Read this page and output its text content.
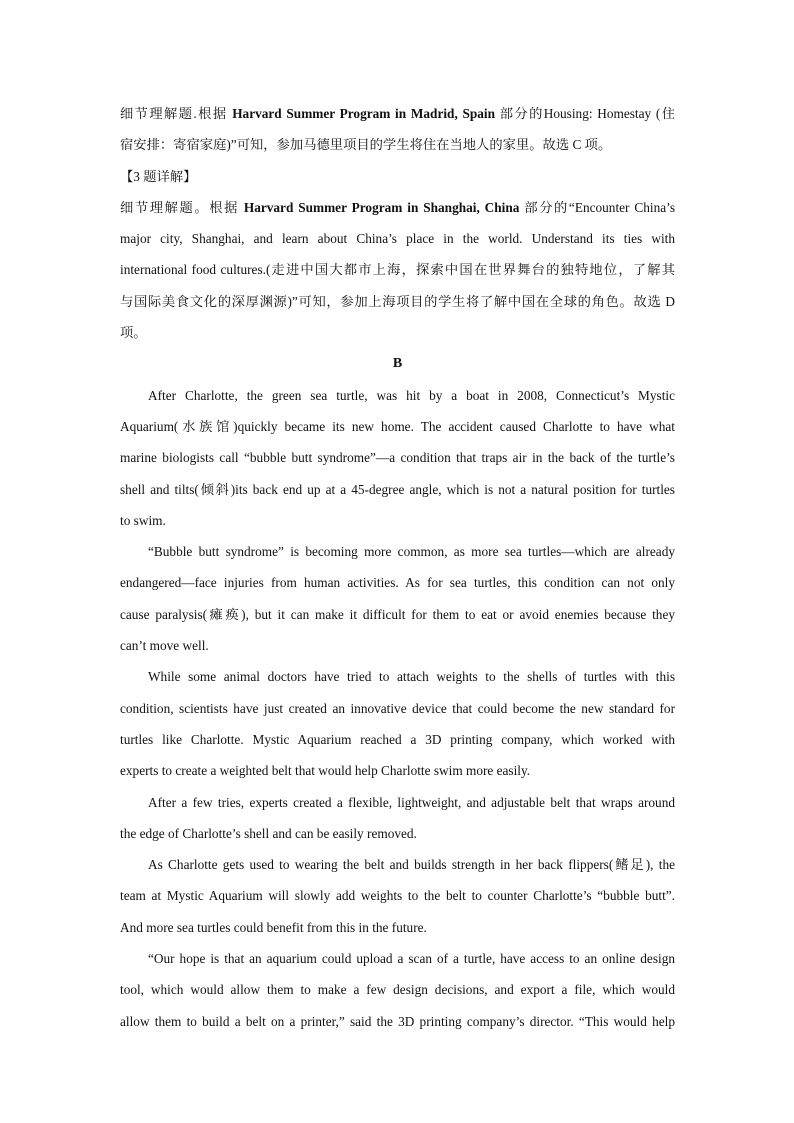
细节理解题.根据 Harvard Summer Program in Madrid, Spain 部分的Housing: Homestay (住
宿安排：寄宿家庭)”可知，参加马德里项目的学生将住在当地人的家里。故选 C 项。
【3 题详解】
细节理解题。根据 Harvard Summer Program in Shanghai, China 部分的“Encounter China’s
major city, Shanghai, and learn about China’s place in the world. Understand its ties with
international food cultures.(走进中国大都市上海，探索中国在世界舞台的独特地位，了解其
与国际美食文化的深厚渊源)”可知，参加上海项目的学生将了解中国在全球的角色。故选 D
项。
B
After Charlotte, the green sea turtle, was hit by a boat in 2008, Connecticut’s Mystic
Aquarium(水族馆)quickly became its new home. The accident caused Charlotte to have what
marine biologists call “bubble butt syndrome”—a condition that traps air in the back of the turtle’s
shell and tilts(倾斜)its back end up at a 45-degree angle, which is not a natural position for turtles
to swim.
“Bubble butt syndrome” is becoming more common, as more sea turtles—which are already
endangered—face injuries from human activities. As for sea turtles, this condition can not only
cause paralysis(瘫痪), but it can make it difficult for them to eat or avoid enemies because they
can’t move well.
While some animal doctors have tried to attach weights to the shells of turtles with this
condition, scientists have just created an innovative device that could become the new standard for
turtles like Charlotte. Mystic Aquarium reached a 3D printing company, which worked with
experts to create a weighted belt that would help Charlotte swim more easily.
After a few tries, experts created a flexible, lightweight, and adjustable belt that wraps around
the edge of Charlotte’s shell and can be easily removed.
As Charlotte gets used to wearing the belt and builds strength in her back flippers(鳍足), the
team at Mystic Aquarium will slowly add weights to the belt to counter Charlotte’s “bubble butt”.
And more sea turtles could benefit from this in the future.
“Our hope is that an aquarium could upload a scan of a turtle, have access to an online design
tool, which would allow them to make a few design decisions, and export a file, which would
allow them to build a belt on a printer,” said the 3D printing company’s director. “This would help
